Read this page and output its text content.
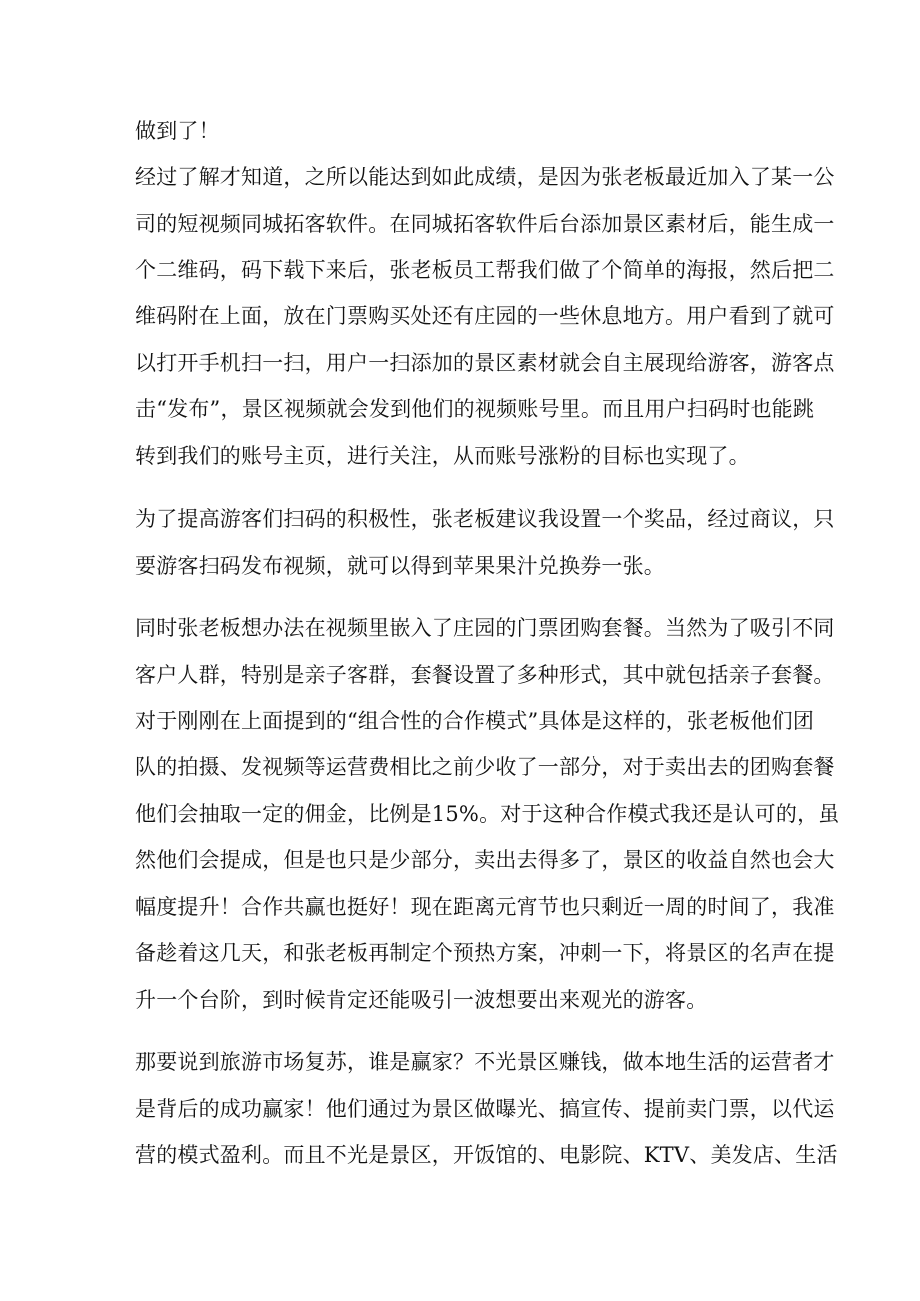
做到了！
经过了解才知道，之所以能达到如此成绩，是因为张老板最近加入了某一公
司的短视频同城拓客软件。在同城拓客软件后台添加景区素材后，能生成一
个二维码，码下载下来后，张老板员工帮我们做了个简单的海报，然后把二
维码附在上面，放在门票购买处还有庄园的一些休息地方。用户看到了就可
以打开手机扫一扫，用户一扫添加的景区素材就会自主展现给游客，游客点
击“发布”，景区视频就会发到他们的视频账号里。而且用户扫码时也能跳
转到我们的账号主页，进行关注，从而账号涨粉的目标也实现了。
为了提高游客们扫码的积极性，张老板建议我设置一个奖品，经过商议，只
要游客扫码发布视频，就可以得到苹果果汁兑换券一张。
同时张老板想办法在视频里嵌入了庄园的门票团购套餐。当然为了吸引不同
客户人群，特别是亲子客群，套餐设置了多种形式，其中就包括亲子套餐。
对于刚刚在上面提到的“组合性的合作模式”具体是这样的，张老板他们团
队的拍摄、发视频等运营费相比之前少收了一部分，对于卖出去的团购套餐
他们会抽取一定的佣金，比例是15%。对于这种合作模式我还是认可的，虽
然他们会提成，但是也只是少部分，卖出去得多了，景区的收益自然也会大
幅度提升！合作共赢也挺好！现在距离元宵节也只剩近一周的时间了，我准
备趁着这几天，和张老板再制定个预热方案，冲刺一下，将景区的名声在提
升一个台阶，到时候肯定还能吸引一波想要出来观光的游客。
那要说到旅游市场复苏，谁是赢家？不光景区赚钱，做本地生活的运营者才
是背后的成功赢家！他们通过为景区做曝光、搞宣传、提前卖门票，以代运
营的模式盈利。而且不光是景区，开饭馆的、电影院、KTV、美发店、生活
